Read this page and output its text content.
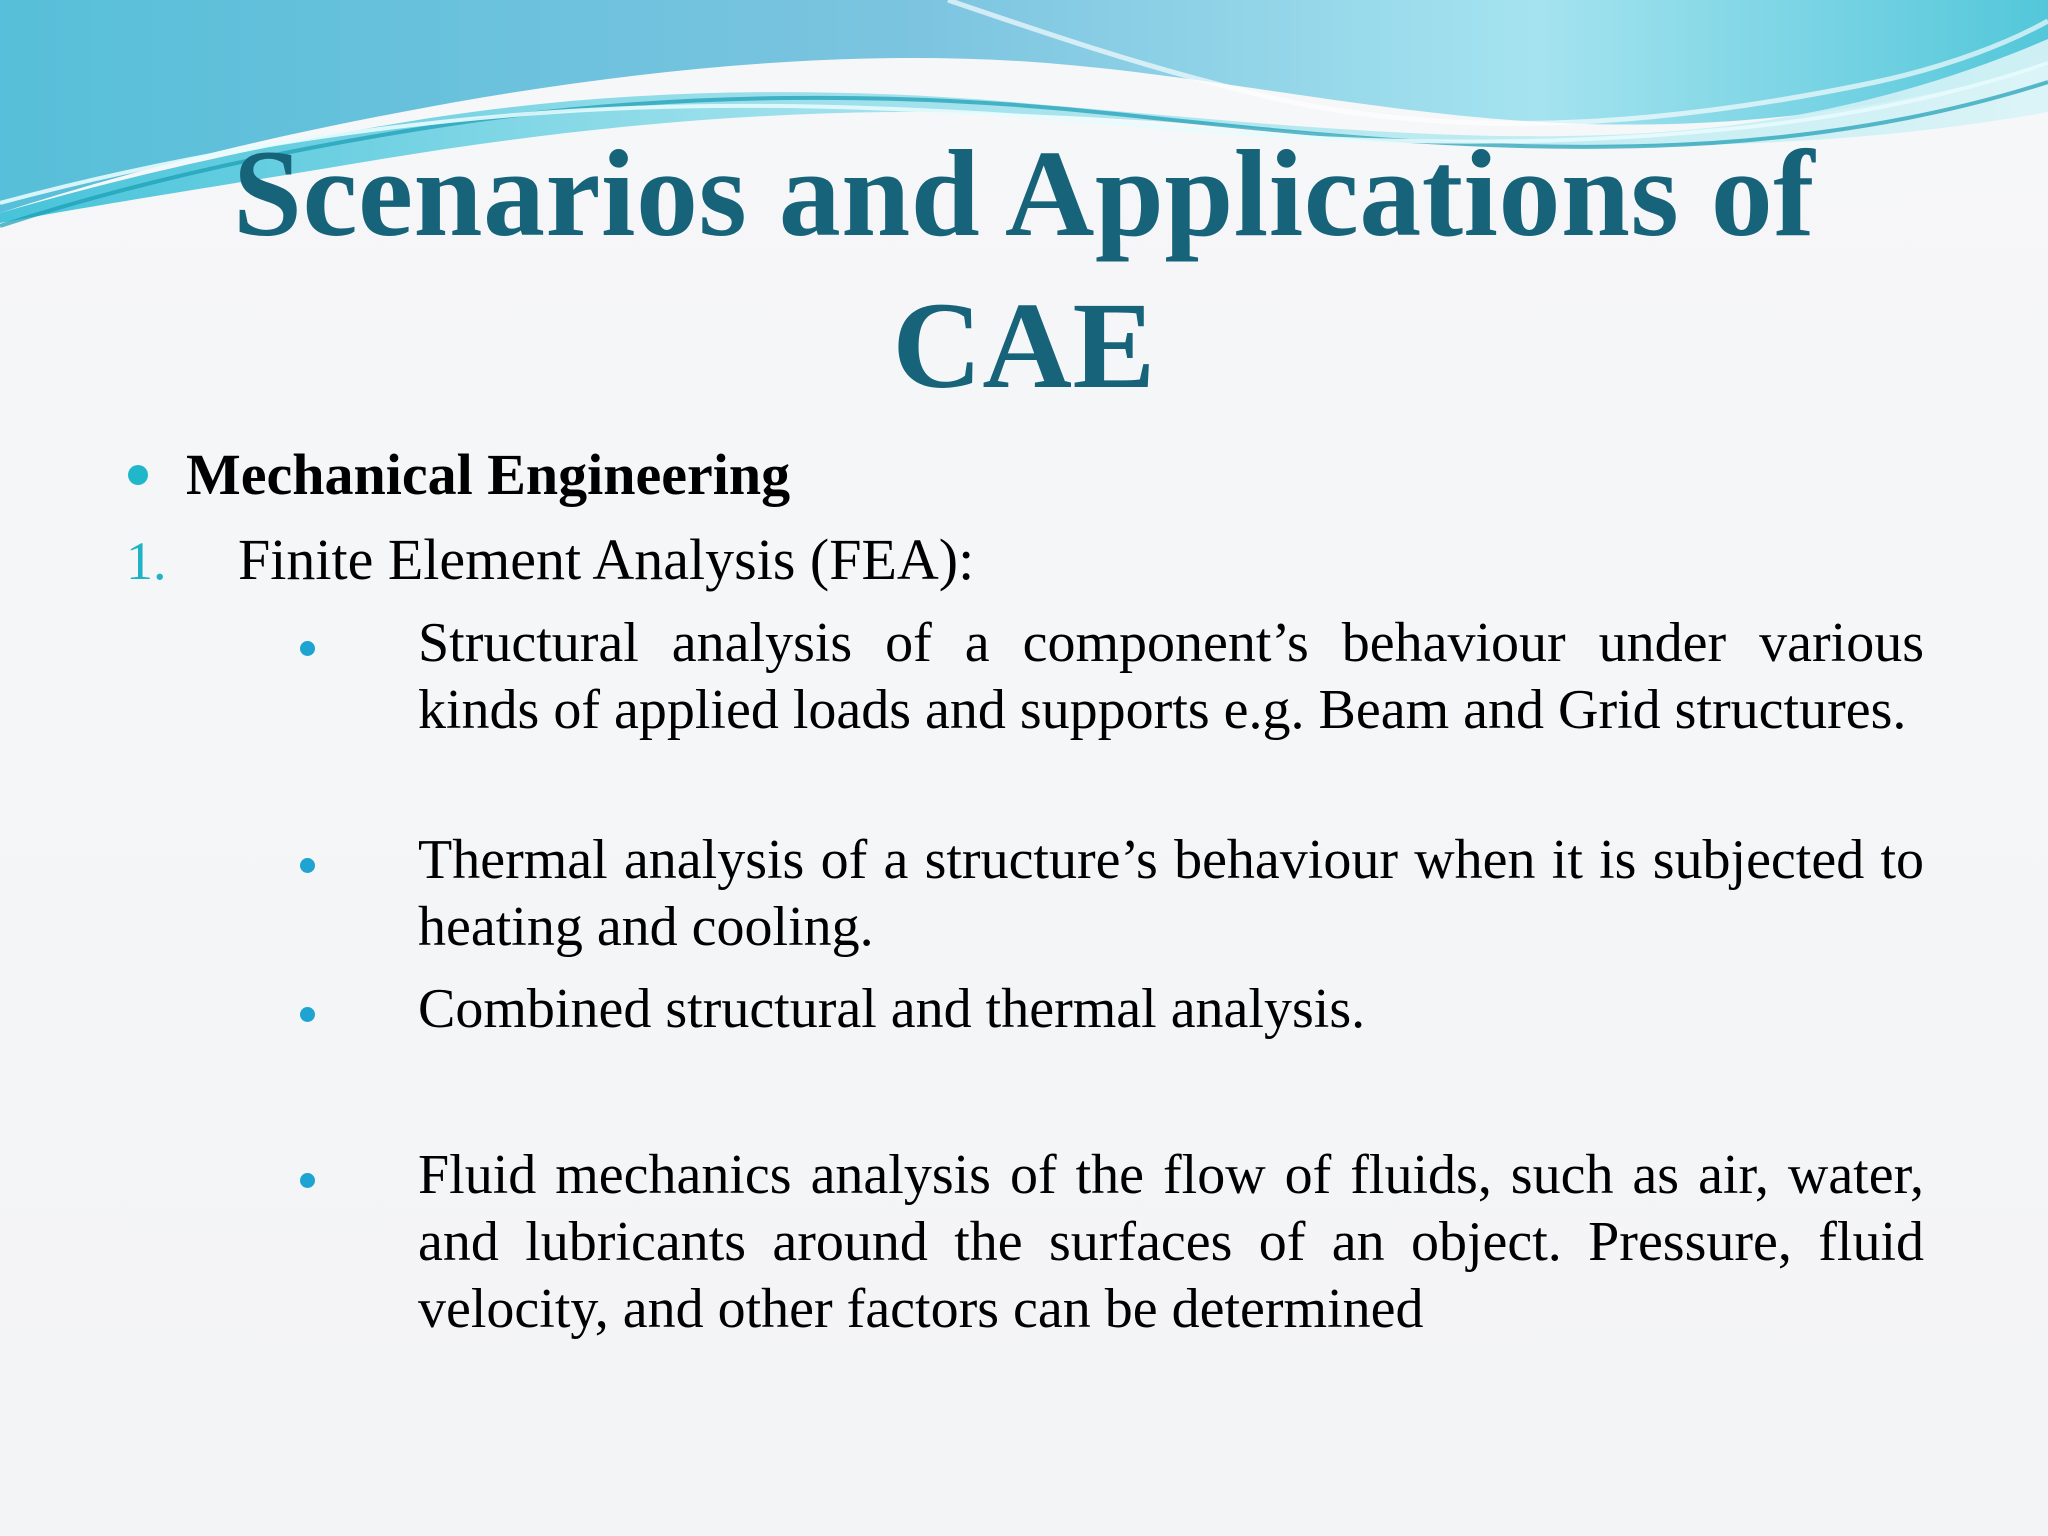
Scenarios and Applications of CAE
Mechanical Engineering
1.	Finite Element Analysis (FEA):
Structural analysis of a component’s behaviour under various kinds of applied loads and supports e.g. Beam and Grid structures.
Thermal analysis of a structure’s behaviour when it is subjected to heating and cooling.
Combined structural and thermal analysis.
Fluid mechanics analysis of the flow of fluids, such as air, water, and lubricants around the surfaces of an object. Pressure, fluid velocity, and other factors can be determined
